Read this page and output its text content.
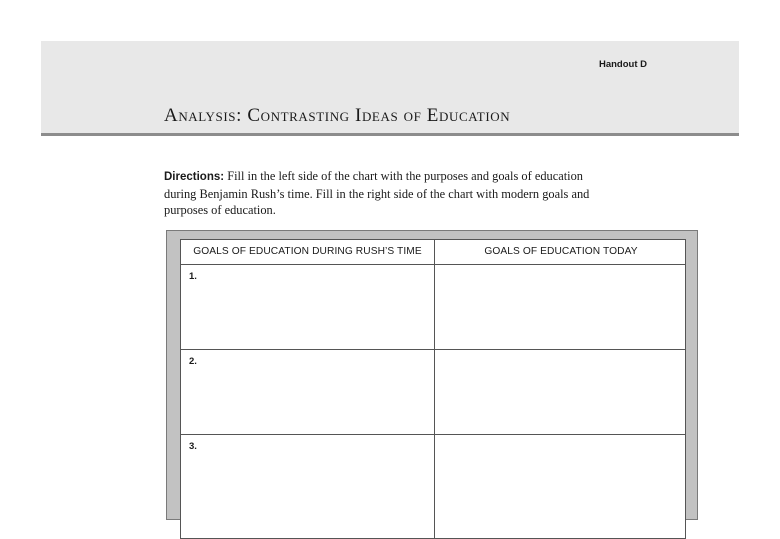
Handout D
Analysis: Contrasting Ideas of Education
Directions: Fill in the left side of the chart with the purposes and goals of education during Benjamin Rush’s time. Fill in the right side of the chart with modern goals and purposes of education.
GOALS OF EDUCATION DURING RUSH’S TIME	GOALS OF EDUCATION TODAY
1.
2.
3.
